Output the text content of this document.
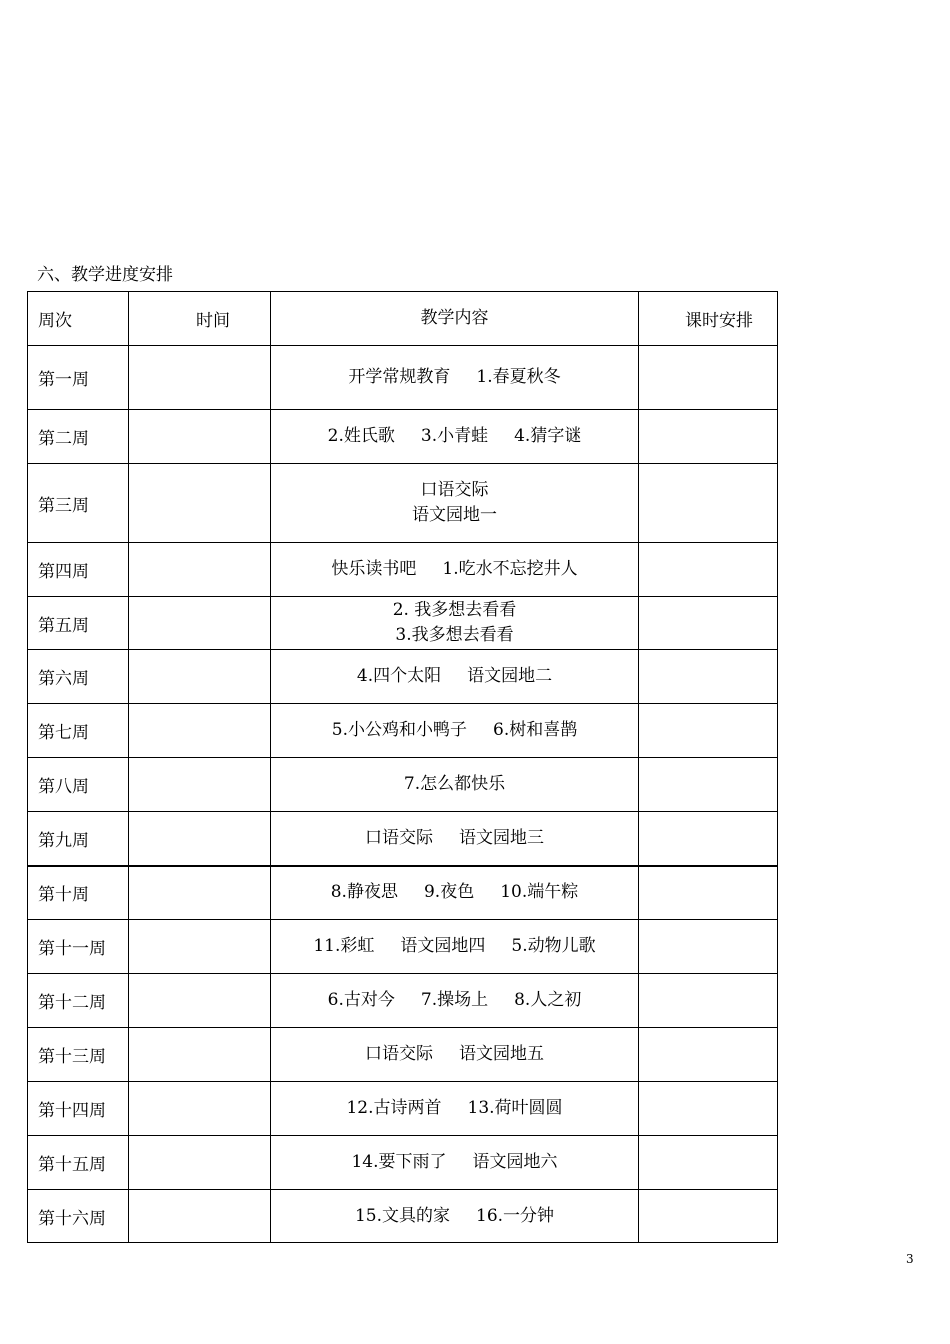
六、教学进度安排
周次	时间	教学内容	课时安排
第一周		开学常规教育 1.春夏秋冬	

第二周		2.姓氏歌 3.小青蛙 4.猜字谜	

第三周		口语交际
语文园地一	

第四周		快乐读书吧 1.吃水不忘挖井人	

第五周		2. 我多想去看看
3.我多想去看看	

第六周		4.四个太阳 语文园地二	

第七周		5.小公鸡和小鸭子 6.树和喜鹊	

第八周		7.怎么都快乐	

第九周		口语交际 语文园地三	

第十周		8.静夜思 9.夜色 10.端午粽	

第十一周		11.彩虹 语文园地四 5.动物儿歌	

第十二周		6.古对今 7.操场上 8.人之初	

第十三周		口语交际 语文园地五	

第十四周		12.古诗两首 13.荷叶圆圆	

第十五周		14.要下雨了 语文园地六	

第十六周		15.文具的家 16.一分钟	

3
